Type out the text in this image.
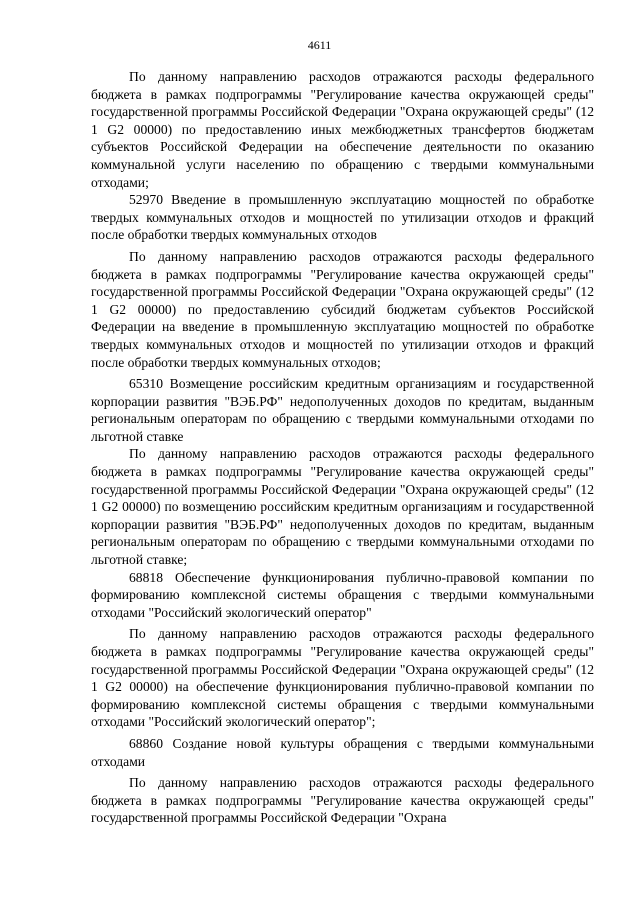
4611

По данному направлению расходов отражаются расходы федерального бюджета в рамках подпрограммы "Регулирование качества окружающей среды" государственной программы Российской Федерации "Охрана окружающей среды" (12 1 G2 00000) по предоставлению иных межбюджетных трансфертов бюджетам субъектов Российской Федерации на обеспечение деятельности по оказанию коммунальной услуги населению по обращению с твердыми коммунальными отходами;

52970 Введение в промышленную эксплуатацию мощностей по обработке твердых коммунальных отходов и мощностей по утилизации отходов и фракций после обработки твердых коммунальных отходов

По данному направлению расходов отражаются расходы федерального бюджета в рамках подпрограммы "Регулирование качества окружающей среды" государственной программы Российской Федерации "Охрана окружающей среды" (12 1 G2 00000) по предоставлению субсидий бюджетам субъектов Российской Федерации на введение в промышленную эксплуатацию мощностей по обработке твердых коммунальных отходов и мощностей по утилизации отходов и фракций после обработки твердых коммунальных отходов;

65310 Возмещение российским кредитным организациям и государственной корпорации развития "ВЭБ.РФ" недополученных доходов по кредитам, выданным региональным операторам по обращению с твердыми коммунальными отходами по льготной ставке

По данному направлению расходов отражаются расходы федерального бюджета в рамках подпрограммы "Регулирование качества окружающей среды" государственной программы Российской Федерации "Охрана окружающей среды" (12 1 G2 00000) по возмещению российским кредитным организациям и государственной корпорации развития "ВЭБ.РФ" недополученных доходов по кредитам, выданным региональным операторам по обращению с твердыми коммунальными отходами по льготной ставке;

68818 Обеспечение функционирования публично-правовой компании по формированию комплексной системы обращения с твердыми коммунальными отходами "Российский экологический оператор"

По данному направлению расходов отражаются расходы федерального бюджета в рамках подпрограммы "Регулирование качества окружающей среды" государственной программы Российской Федерации "Охрана окружающей среды" (12 1 G2 00000) на обеспечение функционирования публично-правовой компании по формированию комплексной системы обращения с твердыми коммунальными отходами "Российский экологический оператор";

68860 Создание новой культуры обращения с твердыми коммунальными отходами

По данному направлению расходов отражаются расходы федерального бюджета в рамках подпрограммы "Регулирование качества окружающей среды" государственной программы Российской Федерации "Охрана
